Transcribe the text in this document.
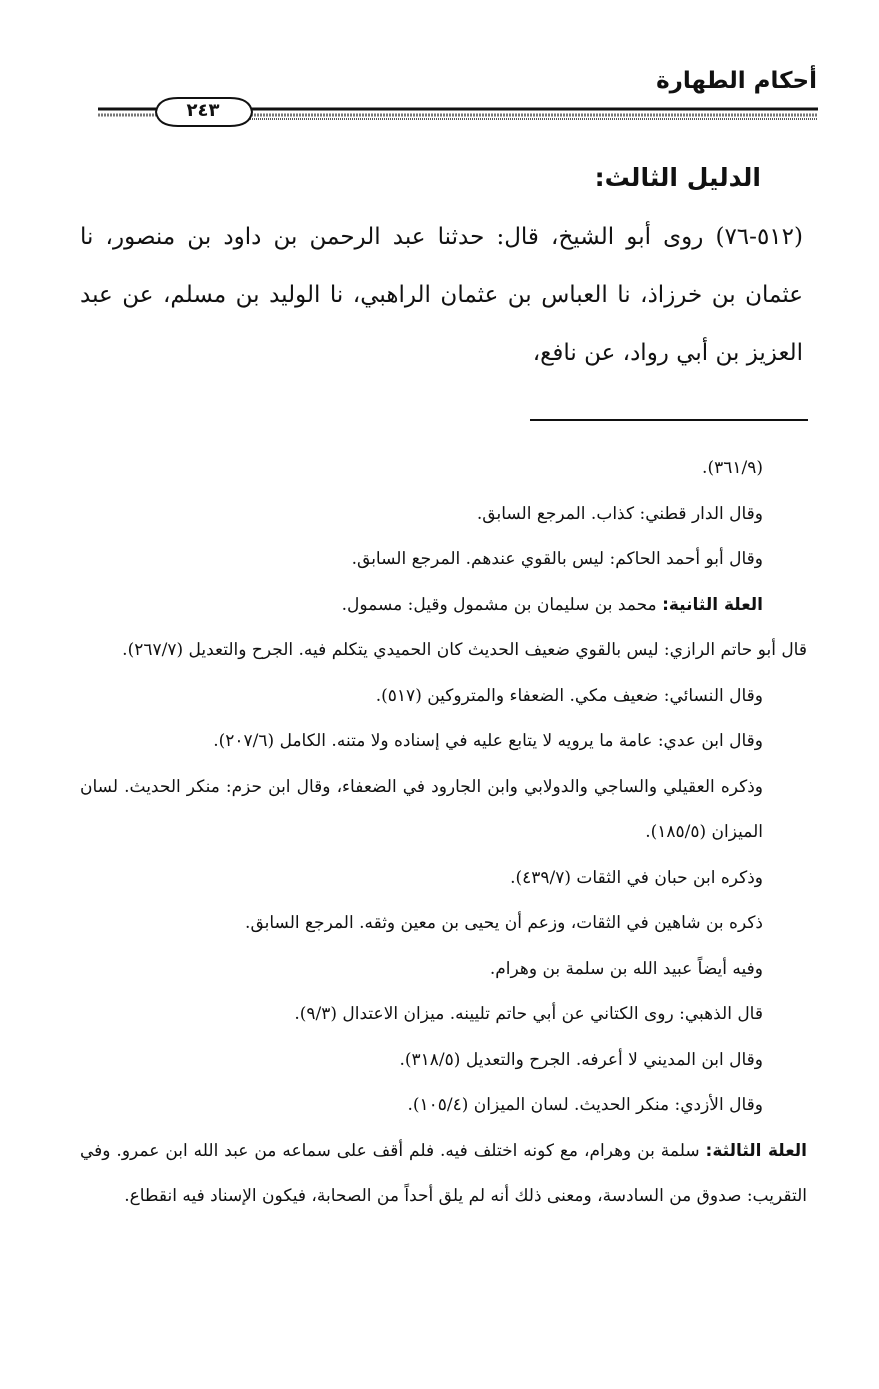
أحكام الطهارة
٢٤٣
الدليل الثالث:
(٥١٢-٧٦) روى أبو الشيخ، قال: حدثنا عبد الرحمن بن داود بن منصور، نا عثمان بن خرزاذ، نا العباس بن عثمان الراهبي، نا الوليد بن مسلم، عن عبد العزيز بن أبي رواد، عن نافع،

(٣٦١/٩).

وقال الدار قطني: كذاب. المرجع السابق.

وقال أبو أحمد الحاكم: ليس بالقوي عندهم. المرجع السابق.

العلة الثانية: محمد بن سليمان بن مشمول وقيل: مسمول.

قال أبو حاتم الرازي: ليس بالقوي ضعيف الحديث كان الحميدي يتكلم فيه. الجرح والتعديل (٢٦٧/٧).

وقال النسائي: ضعيف مكي. الضعفاء والمتروكين (٥١٧).

وقال ابن عدي: عامة ما يرويه لا يتابع عليه في إسناده ولا متنه. الكامل (٢٠٧/٦).

وذكره العقيلي والساجي والدولابي وابن الجارود في الضعفاء، وقال ابن حزم: منكر الحديث. لسان الميزان (١٨٥/٥).

وذكره ابن حبان في الثقات (٤٣٩/٧).

ذكره بن شاهين في الثقات، وزعم أن يحيى بن معين وثقه. المرجع السابق.

وفيه أيضاً عبيد الله بن سلمة بن وهرام.

قال الذهبي: روى الكتاني عن أبي حاتم تليينه. ميزان الاعتدال (٩/٣).

وقال ابن المديني لا أعرفه. الجرح والتعديل (٣١٨/٥).

وقال الأزدي: منكر الحديث. لسان الميزان (١٠٥/٤).

العلة الثالثة: سلمة بن وهرام، مع كونه اختلف فيه. فلم أقف على سماعه من عبد الله ابن عمرو. وفي التقريب: صدوق من السادسة، ومعنى ذلك أنه لم يلق أحداً من الصحابة، فيكون الإسناد فيه انقطاع.
